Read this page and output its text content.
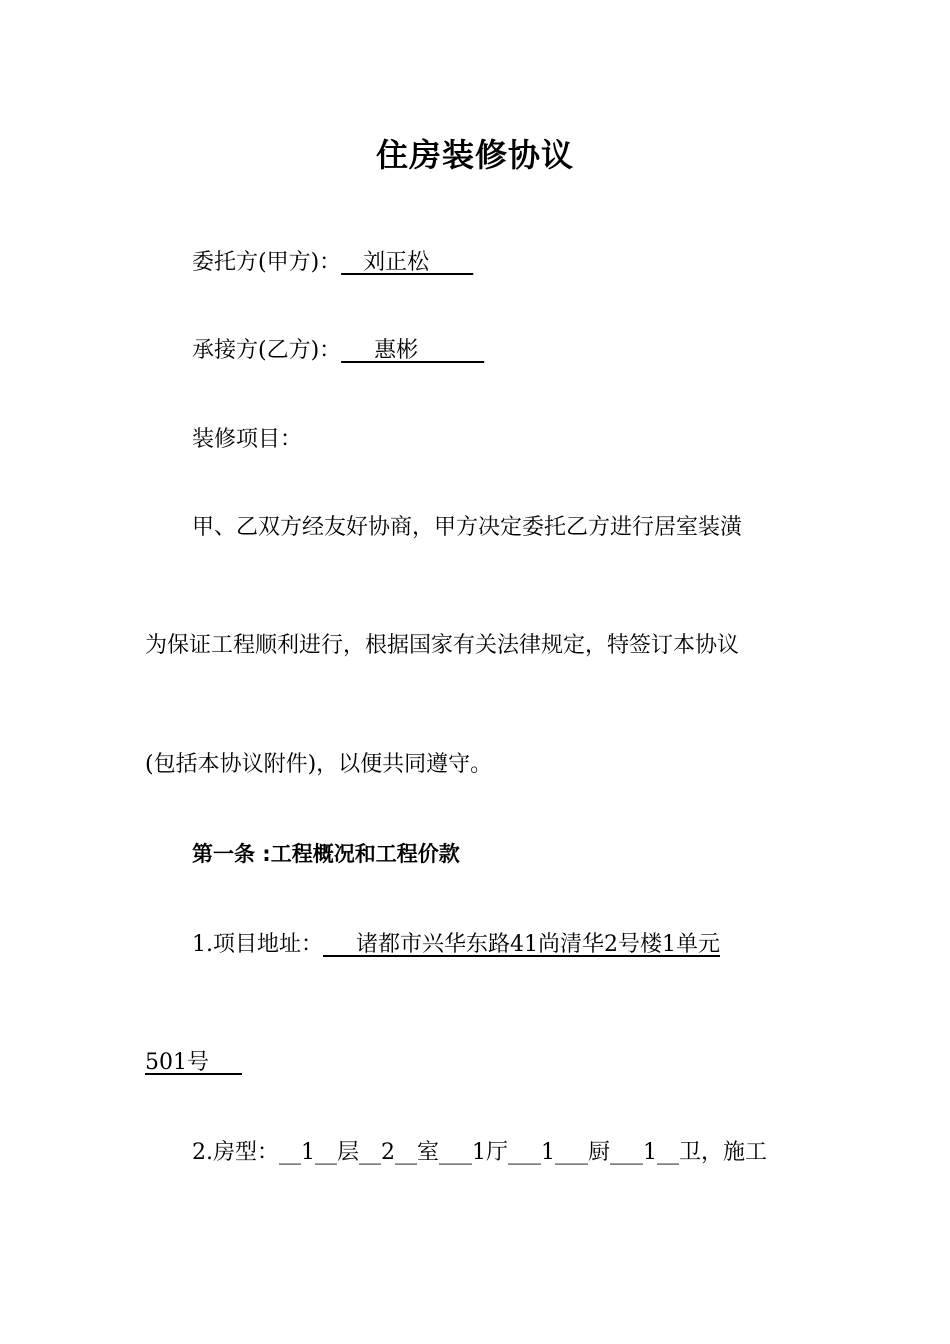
住房装修协议
委托方(甲方)：__刘正松____
承接方(乙方)：___惠彬______
装修项目：
甲、乙双方经友好协商，甲方决定委托乙方进行居室装潢
为保证工程顺利进行，根据国家有关法律规定，特签订本协议
(包括本协议附件)，以便共同遵守。
第一条 :工程概况和工程价款
1.项目地址：___诸都市兴华东路41尚清华2号楼1单元
501号___
2.房型：__1__层__2__室___1厅___1___厨___1__卫，施工
